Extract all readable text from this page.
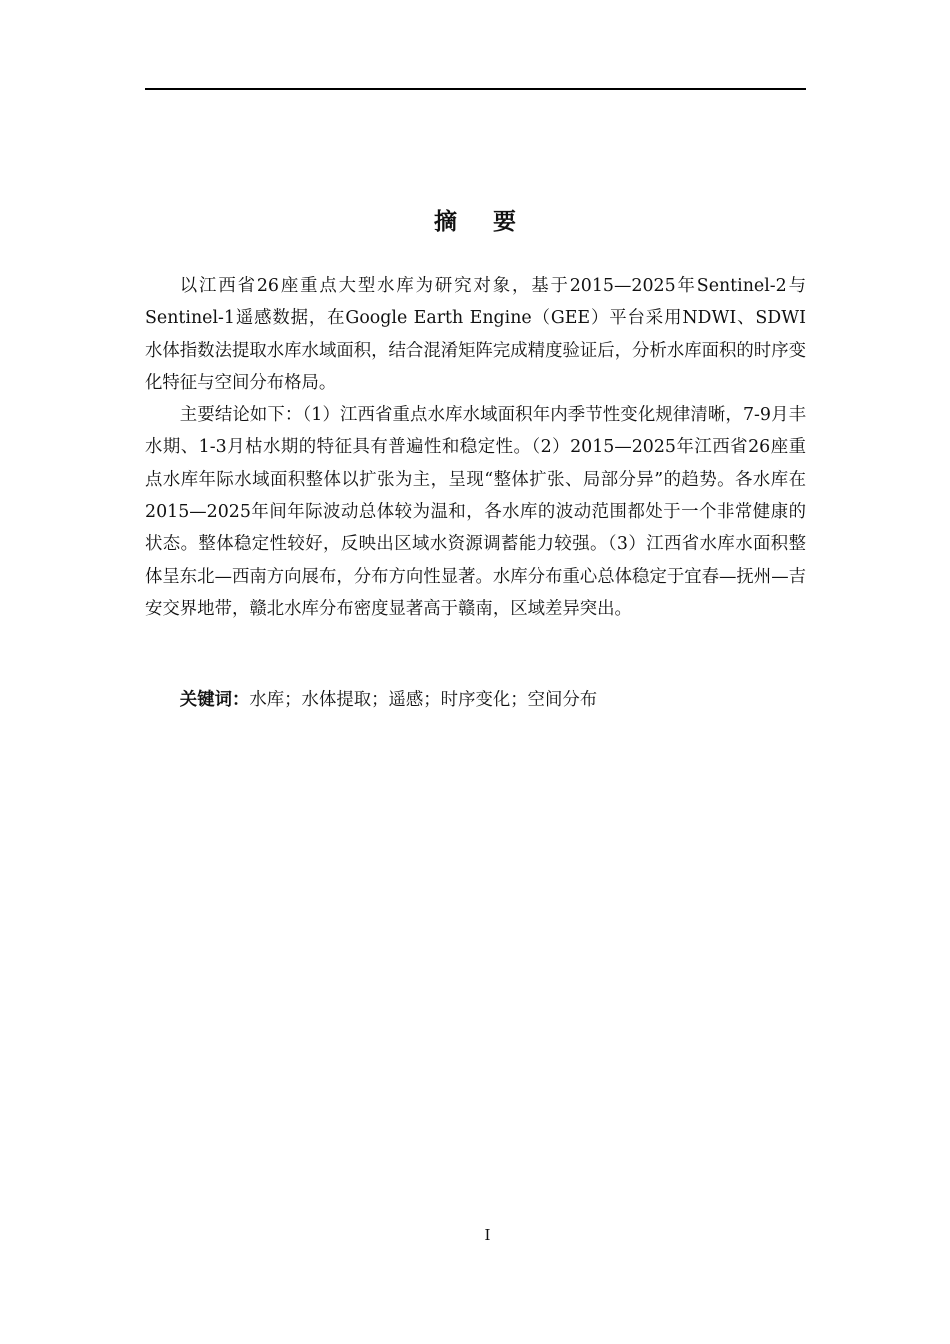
摘 要

以江西省26座重点大型水库为研究对象，基于2015—2025年Sentinel-2与Sentinel-1遥感数据，在Google Earth Engine（GEE）平台采用NDWI、SDWI水体指数法提取水库水域面积，结合混淆矩阵完成精度验证后，分析水库面积的时序变化特征与空间分布格局。

主要结论如下：（1）江西省重点水库水域面积年内季节性变化规律清晰，7-9月丰水期、1-3月枯水期的特征具有普遍性和稳定性。（2）2015—2025年江西省26座重点水库年际水域面积整体以扩张为主，呈现“整体扩张、局部分异”的趋势。各水库在2015—2025年间年际波动总体较为温和，各水库的波动范围都处于一个非常健康的状态。整体稳定性较好，反映出区域水资源调蓄能力较强。（3）江西省水库水面积整体呈东北—西南方向展布，分布方向性显著。水库分布重心总体稳定于宜春—抚州—吉安交界地带，赣北水库分布密度显著高于赣南，区域差异突出。

关键词：水库；水体提取；遥感；时序变化；空间分布
I
